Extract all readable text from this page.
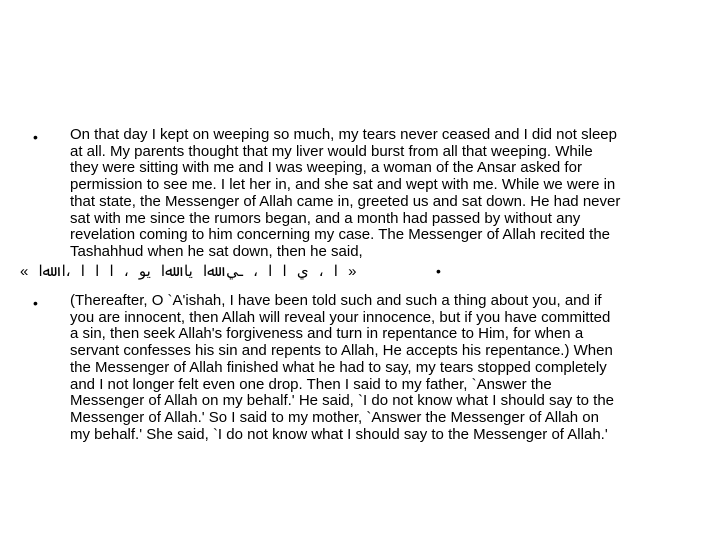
• On that day I kept on weeping so much, my tears never ceased and I did not sleep
at all. My parents thought that my liver would burst from all that weeping. While
they were sitting with me and I was weeping, a woman of the Ansar asked for
permission to see me. I let her in, and she sat and wept with me. While we were in
that state, the Messenger of Allah came in, greeted us and sat down. He had never
sat with me since the rumors began, and a month had passed by without any
revelation coming to him concerning my case. The Messenger of Allah recited the
Tashahhud when he sat down, then he said,
« اﷲ ا، ا ا ا ، وي اﷲ اي اﷲ يـ ، ا ا ي ، ا »	•
• (Thereafter, O `A'ishah, I have been told such and such a thing about you, and if
you are innocent, then Allah will reveal your innocence, but if you have committed
a sin, then seek Allah's forgiveness and turn in repentance to Him, for when a
servant confesses his sin and repents to Allah, He accepts his repentance.) When
the Messenger of Allah finished what he had to say, my tears stopped completely
and I not longer felt even one drop. Then I said to my father, `Answer the
Messenger of Allah on my behalf.' He said, `I do not know what I should say to the
Messenger of Allah.' So I said to my mother, `Answer the Messenger of Allah on
my behalf.' She said, `I do not know what I should say to the Messenger of Allah.'
